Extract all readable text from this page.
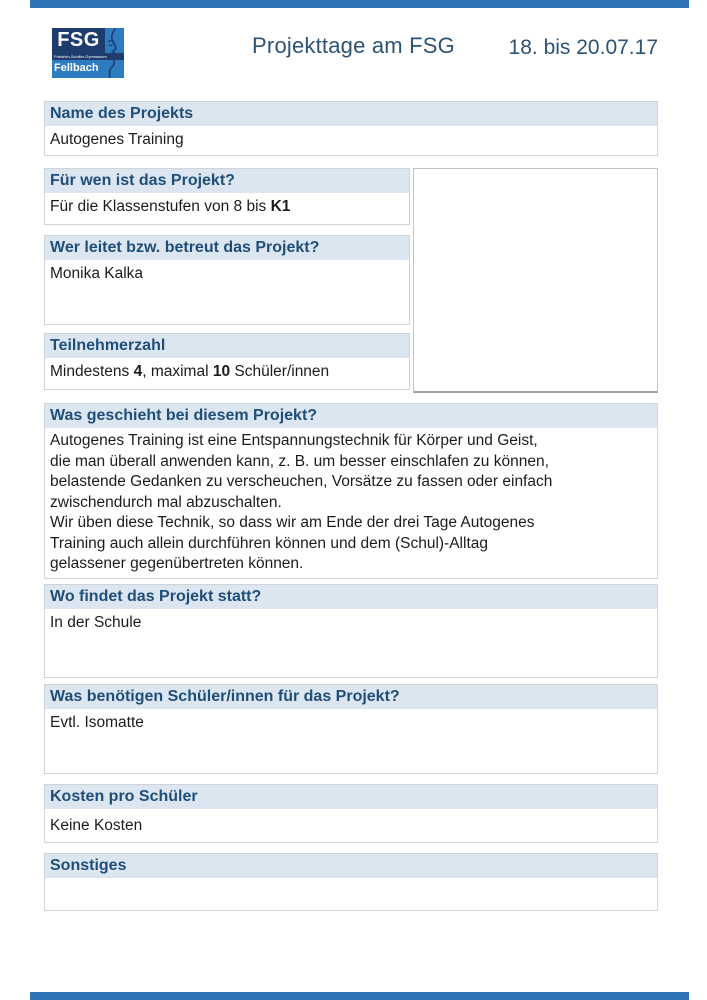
FSG
Friedrich-Schiller-Gymnasium
Fellbach
Projekttage am FSG	18. bis 20.07.17
Name des Projekts
Autogenes Training
Für wen ist das Projekt?
Für die Klassenstufen von 8 bis K1
Wer leitet bzw. betreut das Projekt?
Monika Kalka
Teilnehmerzahl
Mindestens 4, maximal 10 Schüler/innen
Was geschieht bei diesem Projekt?
Autogenes Training ist eine Entspannungstechnik für Körper und Geist,
die man überall anwenden kann, z. B. um besser einschlafen zu können,
belastende Gedanken zu verscheuchen, Vorsätze zu fassen oder einfach
zwischendurch mal abzuschalten.
Wir üben diese Technik, so dass wir am Ende der drei Tage Autogenes
Training auch allein durchführen können und dem (Schul)-Alltag
gelassener gegenübertreten können.
Wo findet das Projekt statt?
In der Schule
Was benötigen Schüler/innen für das Projekt?
Evtl. Isomatte
Kosten pro Schüler
Keine Kosten
Sonstiges
